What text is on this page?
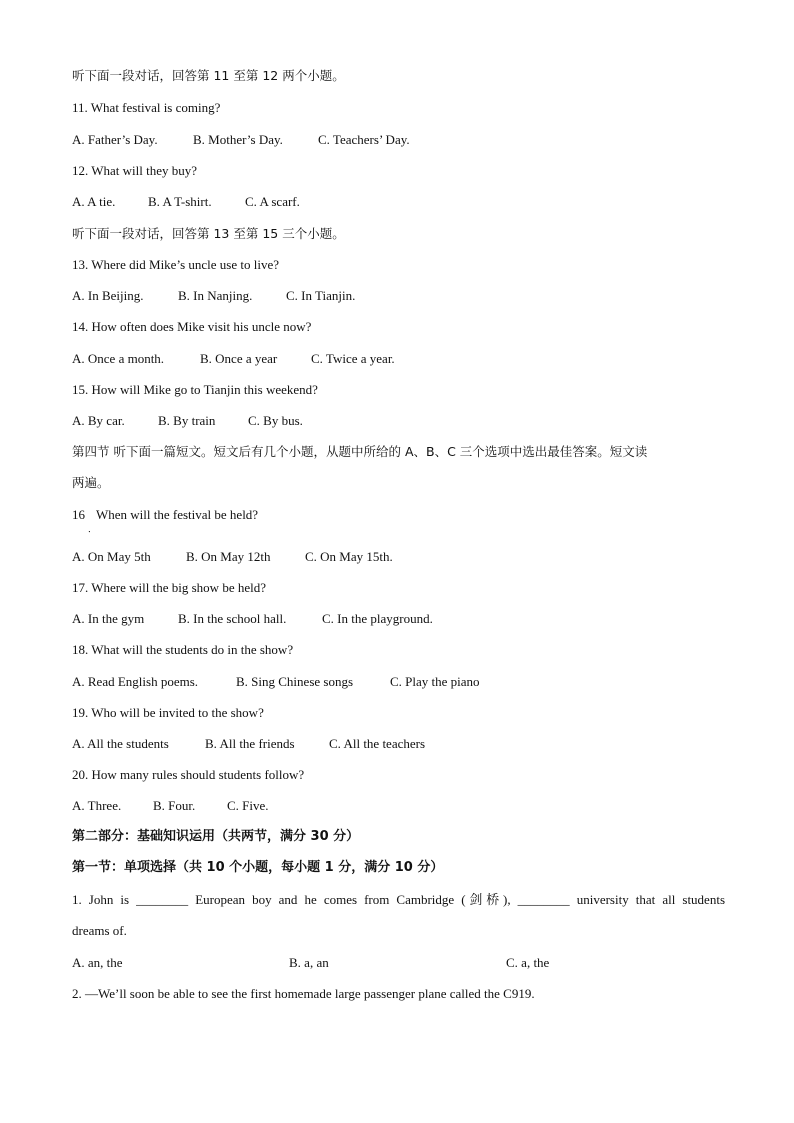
听下面一段对话，回答第 11 至第 12 两个小题。
11. What festival is coming?
A. Father’s Day.	B. Mother’s Day.	C. Teachers’ Day.
12. What will they buy?
A. A tie.	B. A T-shirt.	C. A scarf.
听下面一段对话，回答第 13 至第 15 三个小题。
13. Where did Mike’s uncle use to live?
A. In Beijing.	B. In Nanjing.	C. In Tianjin.
14. How often does Mike visit his uncle now?
A. Once a month.	B. Once a year	C. Twice a year.
15. How will Mike go to Tianjin this weekend?
A. By car.	B. By train	C. By bus.
第四节 听下面一篇短文。短文后有几个小题，从题中所给的 A、B、C 三个选项中选出最佳答案。短文读
两遍。
16
．
When will the festival be held?
A. On May 5th	B. On May 12th	C. On May 15th.
17. Where will the big show be held?
A. In the gym	B. In the school hall.	C. In the playground.
18. What will the students do in the show?
A. Read English poems.	B. Sing Chinese songs	C. Play the piano
19. Who will be invited to the show?
A. All the students	B. All the friends	C. All the teachers
20. How many rules should students follow?
A. Three. B. Four. C. Five.
第二部分：基础知识运用（共两节，满分 30 分）
第一节：单项选择（共 10 个小题，每小题 1 分，满分 10 分）
1. John is ________ European boy and he comes from Cambridge (剑桥), ________ university that all students
dreams of.
A. an, the	B. a, an	C. a, the
2. —We’ll soon be able to see the first homemade large passenger plane called the C919.
